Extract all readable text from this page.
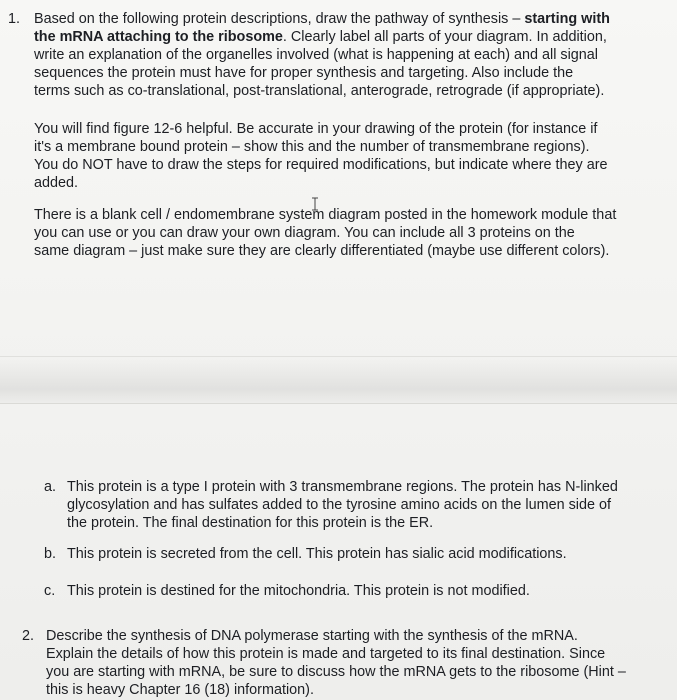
1. Based on the following protein descriptions, draw the pathway of synthesis – starting with
the mRNA attaching to the ribosome. Clearly label all parts of your diagram. In addition,
write an explanation of the organelles involved (what is happening at each) and all signal
sequences the protein must have for proper synthesis and targeting. Also include the
terms such as co-translational, post-translational, anterograde, retrograde (if appropriate).
You will find figure 12-6 helpful. Be accurate in your drawing of the protein (for instance if
it's a membrane bound protein – show this and the number of transmembrane regions).
You do NOT have to draw the steps for required modifications, but indicate where they are
added.
There is a blank cell / endomembrane system diagram posted in the homework module that
you can use or you can draw your own diagram. You can include all 3 proteins on the
same diagram – just make sure they are clearly differentiated (maybe use different colors).
a. This protein is a type I protein with 3 transmembrane regions. The protein has N-linked
glycosylation and has sulfates added to the tyrosine amino acids on the lumen side of
the protein. The final destination for this protein is the ER.
b. This protein is secreted from the cell. This protein has sialic acid modifications.
c. This protein is destined for the mitochondria. This protein is not modified.
2. Describe the synthesis of DNA polymerase starting with the synthesis of the mRNA.
Explain the details of how this protein is made and targeted to its final destination. Since
you are starting with mRNA, be sure to discuss how the mRNA gets to the ribosome (Hint –
this is heavy Chapter 16 (18) information).
